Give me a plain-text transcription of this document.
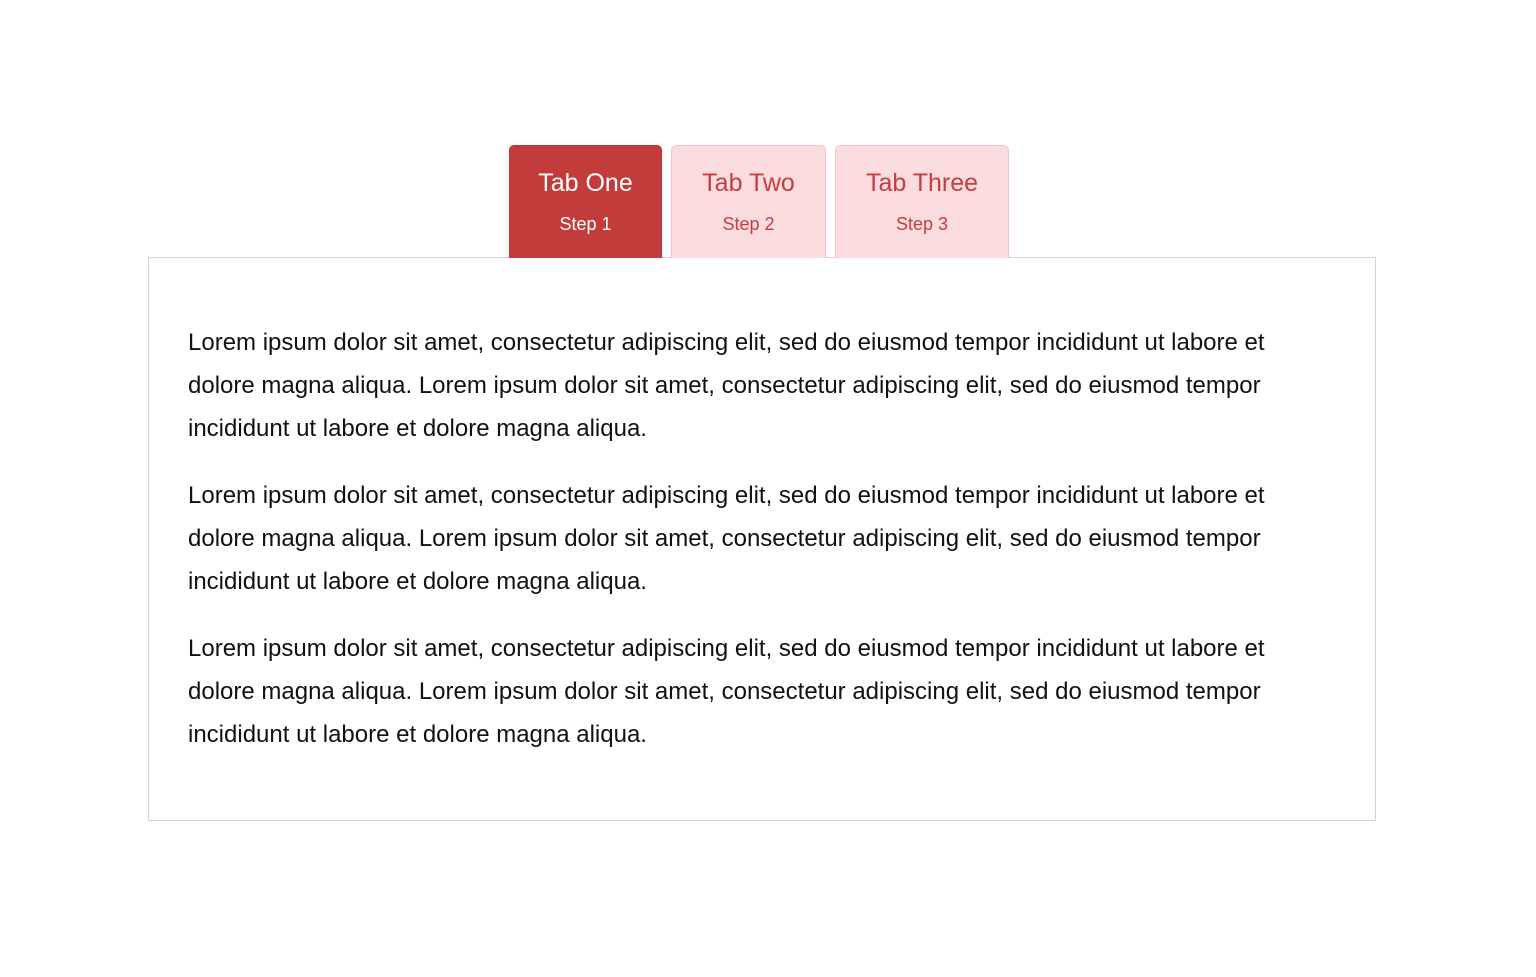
Tab One
Step 1
Tab Two
Step 2
Tab Three
Step 3

Lorem ipsum dolor sit amet, consectetur adipiscing elit, sed do eiusmod tempor incididunt ut labore et dolore magna aliqua. Lorem ipsum dolor sit amet, consectetur adipiscing elit, sed do eiusmod tempor incididunt ut labore et dolore magna aliqua.

Lorem ipsum dolor sit amet, consectetur adipiscing elit, sed do eiusmod tempor incididunt ut labore et dolore magna aliqua. Lorem ipsum dolor sit amet, consectetur adipiscing elit, sed do eiusmod tempor incididunt ut labore et dolore magna aliqua.

Lorem ipsum dolor sit amet, consectetur adipiscing elit, sed do eiusmod tempor incididunt ut labore et dolore magna aliqua. Lorem ipsum dolor sit amet, consectetur adipiscing elit, sed do eiusmod tempor incididunt ut labore et dolore magna aliqua.
